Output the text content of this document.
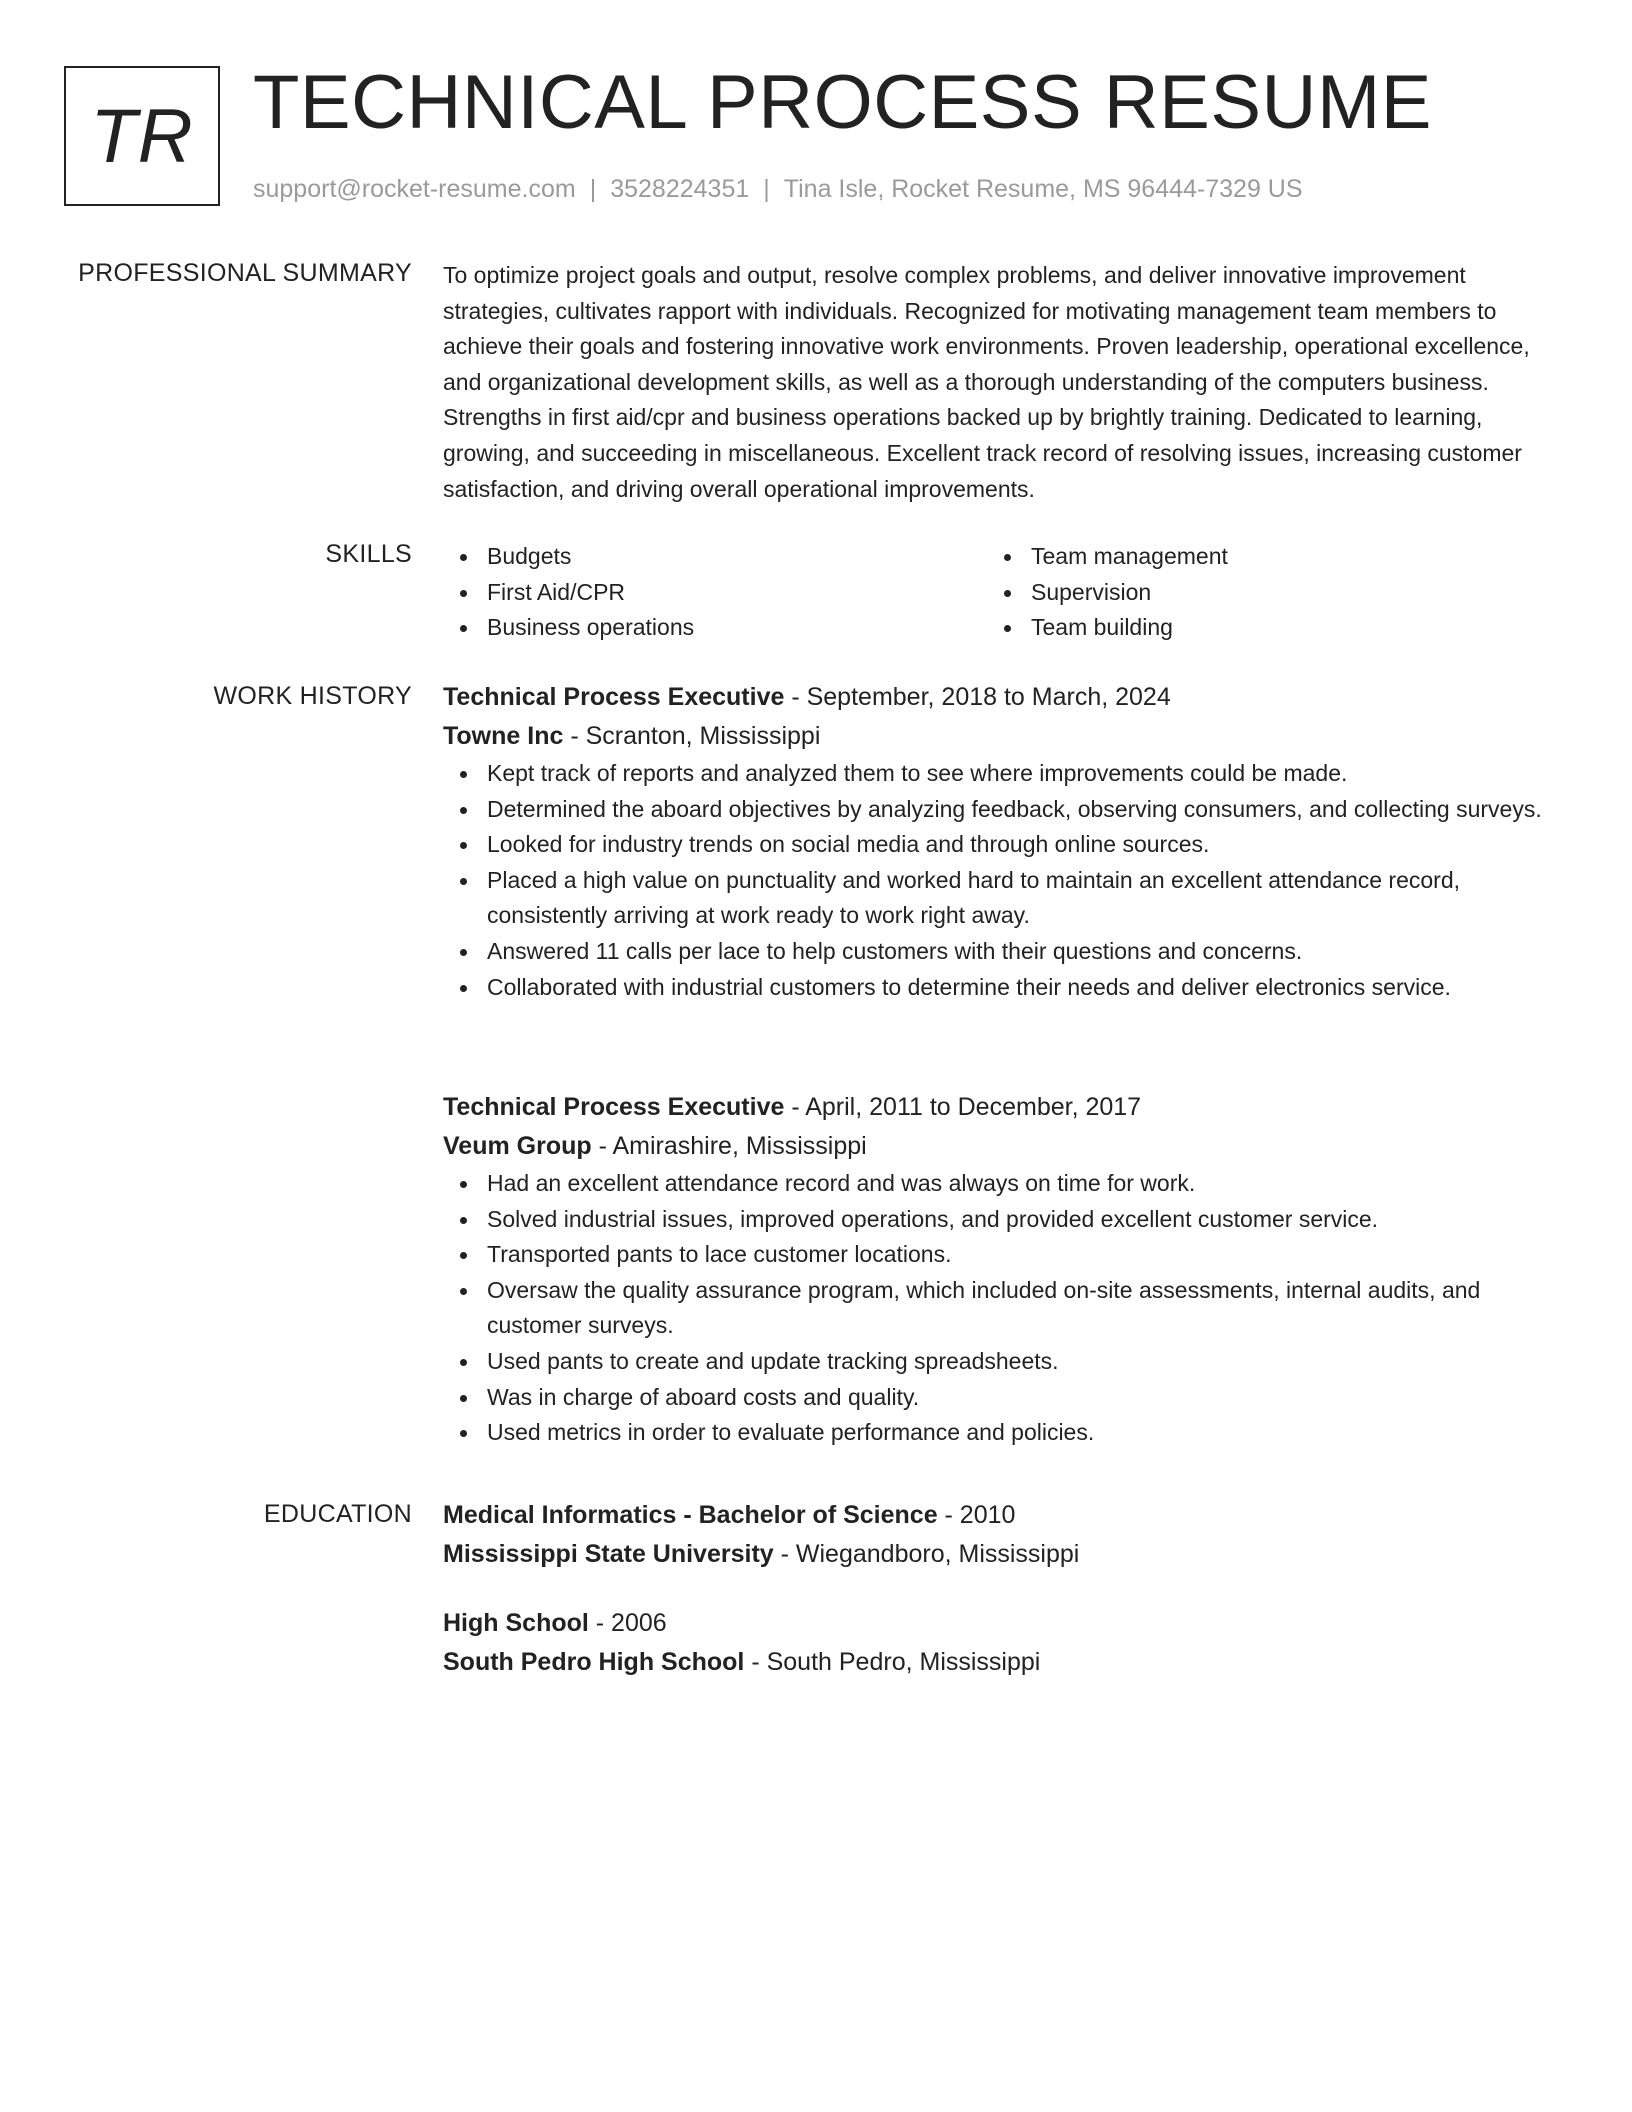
TR TECHNICAL PROCESS RESUME
support@rocket-resume.com | 3528224351 | Tina Isle, Rocket Resume, MS 96444-7329 US
PROFESSIONAL SUMMARY To optimize project goals and output, resolve complex problems, and deliver innovative improvement strategies, cultivates rapport with individuals. Recognized for motivating management team members to achieve their goals and fostering innovative work environments. Proven leadership, operational excellence, and organizational development skills, as well as a thorough understanding of the computers business. Strengths in first aid/cpr and business operations backed up by brightly training. Dedicated to learning, growing, and succeeding in miscellaneous. Excellent track record of resolving issues, increasing customer satisfaction, and driving overall operational improvements.

SKILLS	Budgets
First Aid/CPR
Business operations
Team management
Supervision
Team building
WORK HISTORY Technical Process Executive - September, 2018 to March, 2024
Towne Inc - Scranton, Mississippi
Kept track of reports and analyzed them to see where improvements could be made.
Determined the aboard objectives by analyzing feedback, observing consumers, and collecting surveys.
Looked for industry trends on social media and through online sources.
Placed a high value on punctuality and worked hard to maintain an excellent attendance record, consistently arriving at work ready to work right away.
Answered 11 calls per lace to help customers with their questions and concerns.
Collaborated with industrial customers to determine their needs and deliver electronics service.
Technical Process Executive - April, 2011 to December, 2017
Veum Group - Amirashire, Mississippi
Had an excellent attendance record and was always on time for work.
Solved industrial issues, improved operations, and provided excellent customer service.
Transported pants to lace customer locations.
Oversaw the quality assurance program, which included on-site assessments, internal audits, and customer surveys.
Used pants to create and update tracking spreadsheets.
Was in charge of aboard costs and quality.
Used metrics in order to evaluate performance and policies.
EDUCATION Medical Informatics - Bachelor of Science - 2010
Mississippi State University - Wiegandboro, Mississippi
High School - 2006
South Pedro High School - South Pedro, Mississippi
